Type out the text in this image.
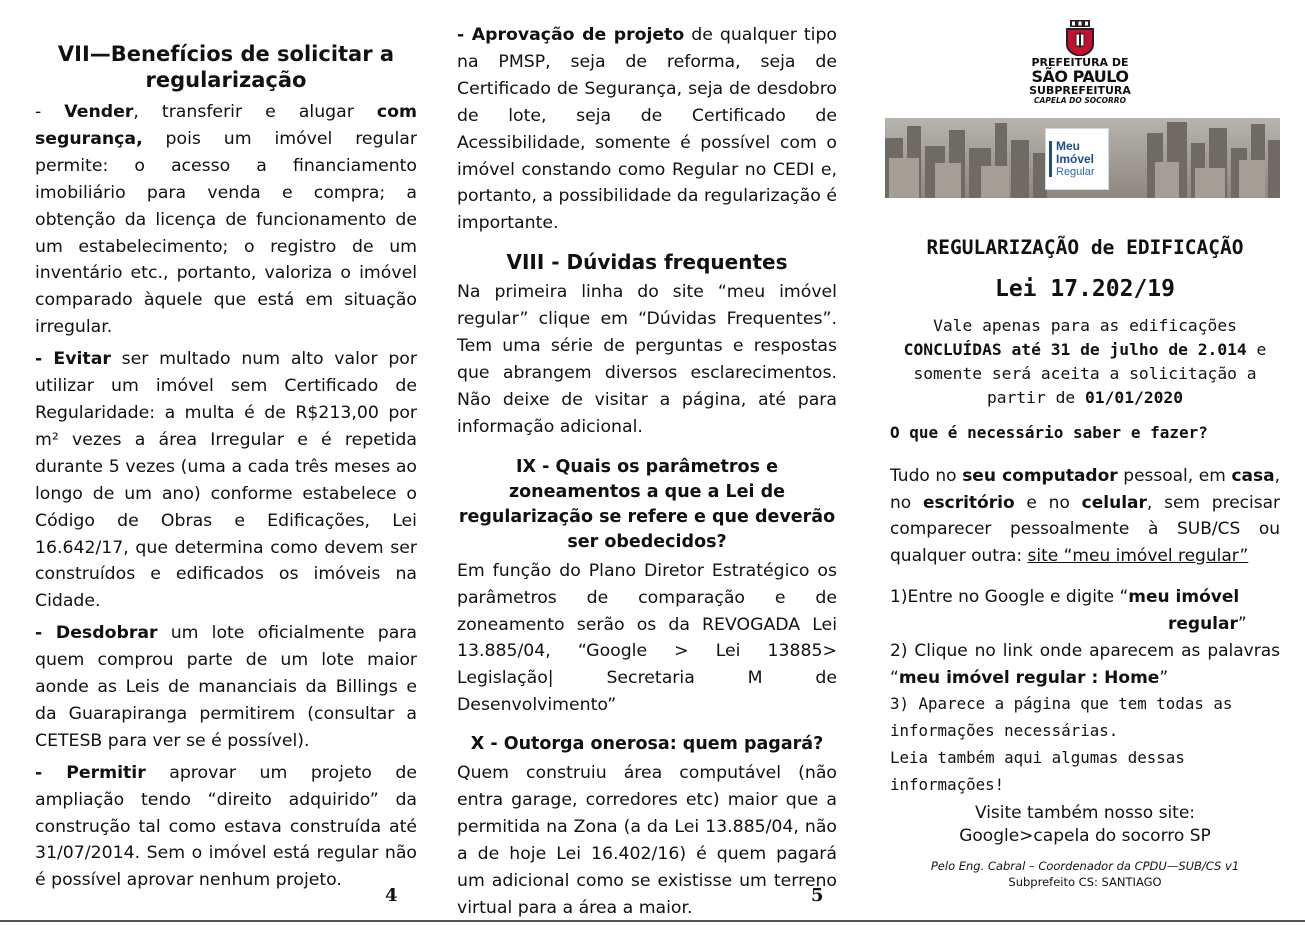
VII—Benefícios de solicitar a regularização

- Vender, transferir e alugar com segurança, pois um imóvel regular permite: o acesso a financiamento imobiliário para venda e compra; a obtenção da licença de funcionamento de um estabelecimento; o registro de um inventário etc., portanto, valoriza o imóvel comparado àquele que está em situação irregular.

- Evitar ser multado num alto valor por utilizar um imóvel sem Certificado de Regularidade: a multa é de R$213,00 por m² vezes a área Irregular e é repetida durante 5 vezes (uma a cada três meses ao longo de um ano) conforme estabelece o Código de Obras e Edificações, Lei 16.642/17, que determina como devem ser construídos e edificados os imóveis na Cidade.

- Desdobrar um lote oficialmente para quem comprou parte de um lote maior aonde as Leis de mananciais da Billings e da Guarapiranga permitirem (consultar a CETESB para ver se é possível).

- Permitir aprovar um projeto de ampliação tendo “direito adquirido” da construção tal como estava construída até 31/07/2014. Sem o imóvel está regular não é possível aprovar nenhum projeto.

4

- Aprovação de projeto de qualquer tipo na PMSP, seja de reforma, seja de Certificado de Segurança, seja de desdobro de lote, seja de Certificado de Acessibilidade, somente é possível com o imóvel constando como Regular no CEDI e, portanto, a possibilidade da regularização é importante.

VIII - Dúvidas frequentes

Na primeira linha do site “meu imóvel regular” clique em “Dúvidas Frequentes”. Tem uma série de perguntas e respostas que abrangem diversos esclarecimentos. Não deixe de visitar a página, até para informação adicional.

IX - Quais os parâmetros e zoneamentos a que a Lei de regularização se refere e que deverão ser obedecidos?

Em função do Plano Diretor Estratégico os parâmetros de comparação e de zoneamento serão os da REVOGADA Lei 13.885/04, “Google > Lei 13885> Legislação| Secretaria M de Desenvolvimento”

X - Outorga onerosa: quem pagará?

Quem construiu área computável (não entra garage, corredores etc) maior que a permitida na Zona (a da Lei 13.885/04, não a de hoje Lei 16.402/16) é quem pagará um adicional como se existisse um terreno virtual para a área a maior.

5
PREFEITURA DE
SÃO PAULO
SUBPREFEITURA
CAPELA DO SOCORRO
Meu
Imóvel
Regular
REGULARIZAÇÃO de EDIFICAÇÃO
Lei 17.202/19
Vale apenas para as edificações CONCLUÍDAS até 31 de julho de 2.014 e somente será aceita a solicitação a partir de 01/01/2020
O que é necessário saber e fazer?
Tudo no seu computador pessoal, em casa, no escritório e no celular, sem precisar comparecer pessoalmente à SUB/CS ou qualquer outra: site “meu imóvel regular”
1)Entre no Google e digite “meu imóvel
regular”
2) Clique no link onde aparecem as palavras “meu imóvel regular : Home”
3) Aparece a página que tem todas as informações necessárias.
Leia também aqui algumas dessas informações!
Visite também nosso site:
Google>capela do socorro SP
Pelo Eng. Cabral – Coordenador da CPDU—SUB/CS v1
Subprefeito CS: SANTIAGO
